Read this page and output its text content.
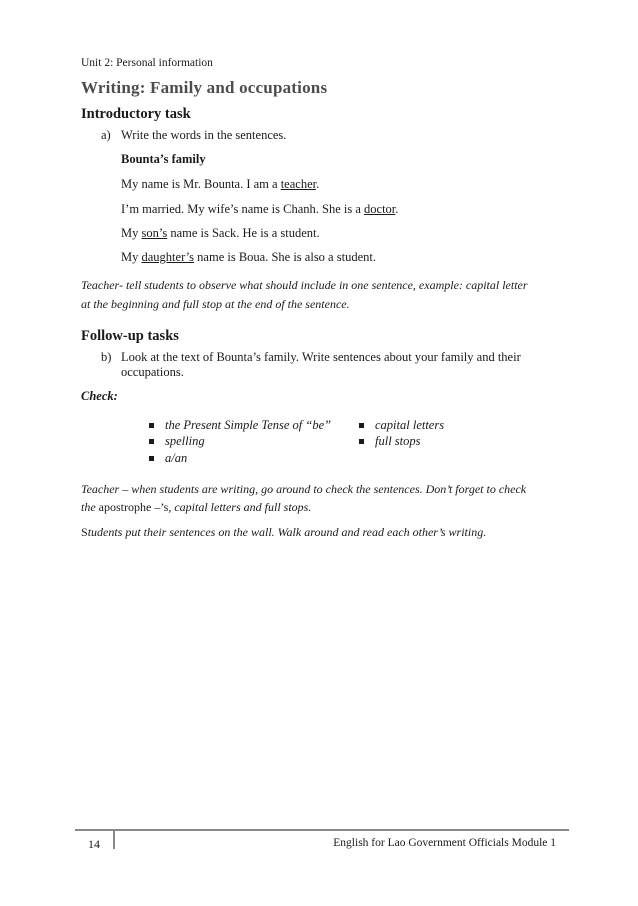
Unit 2: Personal information
Writing: Family and occupations
Introductory task
a) Write the words in the sentences.
Bounta’s family
My name is Mr. Bounta. I am a teacher.
I’m married. My wife’s name is Chanh. She is a doctor.
My son’s name is Sack. He is a student.
My daughter’s name is Boua. She is also a student.
Teacher- tell students to observe what should include in one sentence, example: capital letter
at the beginning and full stop at the end of the sentence.
Follow-up tasks
b) Look at the text of Bounta’s family. Write sentences about your family and their
occupations.
Check:
the Present Simple Tense of “be”
spelling
a/an
capital letters
full stops
Teacher – when students are writing, go around to check the sentences. Don’t forget to check
the apostrophe –’s, capital letters and full stops.
Students put their sentences on the wall. Walk around and read each other’s writing.
14	English for Lao Government Officials Module 1
